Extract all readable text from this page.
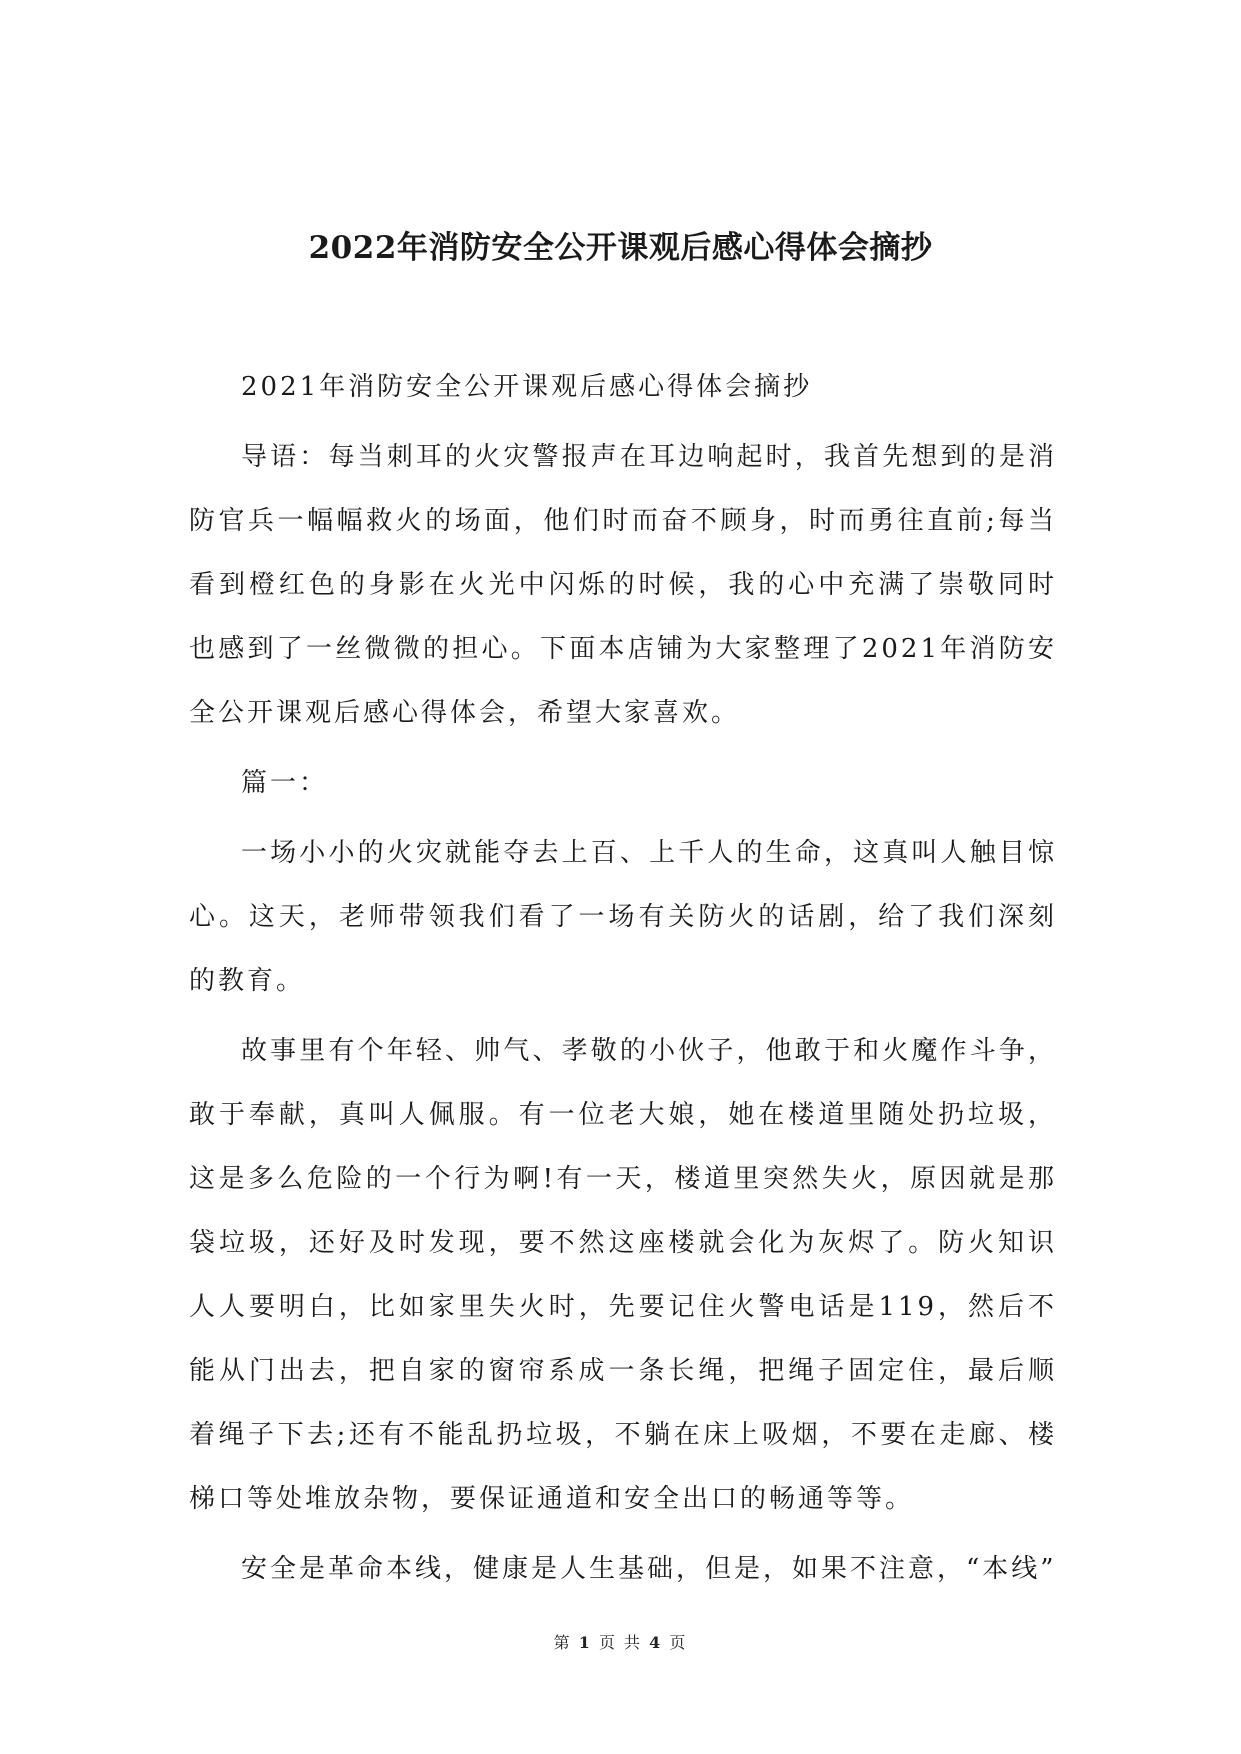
2022年消防安全公开课观后感心得体会摘抄

2021年消防安全公开课观后感心得体会摘抄

导语：每当刺耳的火灾警报声在耳边响起时，我首先想到的是消防官兵一幅幅救火的场面，他们时而奋不顾身，时而勇往直前;每当看到橙红色的身影在火光中闪烁的时候，我的心中充满了崇敬同时也感到了一丝微微的担心。下面本店铺为大家整理了2021年消防安全公开课观后感心得体会，希望大家喜欢。

篇一：

一场小小的火灾就能夺去上百、上千人的生命，这真叫人触目惊心。这天，老师带领我们看了一场有关防火的话剧，给了我们深刻的教育。

故事里有个年轻、帅气、孝敬的小伙子，他敢于和火魔作斗争，敢于奉献，真叫人佩服。有一位老大娘，她在楼道里随处扔垃圾，这是多么危险的一个行为啊!有一天，楼道里突然失火，原因就是那袋垃圾，还好及时发现，要不然这座楼就会化为灰烬了。防火知识人人要明白，比如家里失火时，先要记住火警电话是119，然后不能从门出去，把自家的窗帘系成一条长绳，把绳子固定住，最后顺着绳子下去;还有不能乱扔垃圾，不躺在床上吸烟，不要在走廊、楼梯口等处堆放杂物，要保证通道和安全出口的畅通等等。

安全是革命本线，健康是人生基础，但是，如果不注意，“本线”

第 1 页 共 4 页
